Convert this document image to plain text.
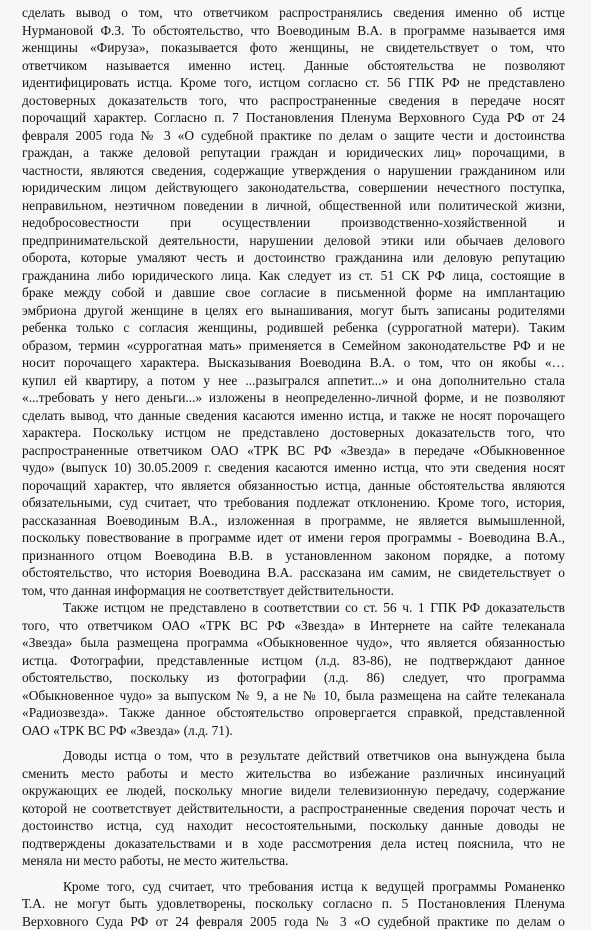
сделать вывод о том, что ответчиком распространялись сведения именно об истце
Нурмановой Ф.З. То обстоятельство, что Воеводиным В.А. в программе называется имя
женщины «Фируза», показывается фото женщины, не свидетельствует о том, что
ответчиком называется именно истец. Данные обстоятельства не позволяют
идентифицировать истца. Кроме того, истцом согласно ст. 56 ГПК РФ не представлено
достоверных доказательств того, что распространенные сведения в передаче носят
порочащий характер. Согласно п. 7 Постановления Пленума Верховного Суда РФ от 24
февраля 2005 года № 3 «О судебной практике по делам о защите чести и достоинства
граждан, а также деловой репутации граждан и юридических лиц» порочащими, в
частности, являются сведения, содержащие утверждения о нарушении гражданином или
юридическим лицом действующего законодательства, совершении нечестного поступка,
неправильном, неэтичном поведении в личной, общественной или политической жизни,
недобросовестности при осуществлении производственно-хозяйственной и
предпринимательской деятельности, нарушении деловой этики или обычаев делового
оборота, которые умаляют честь и достоинство гражданина или деловую репутацию
гражданина либо юридического лица. Как следует из ст. 51 СК РФ лица, состоящие в
браке между собой и давшие свое согласие в письменной форме на имплантацию
эмбриона другой женщине в целях его вынашивания, могут быть записаны родителями
ребенка только с согласия женщины, родившей ребенка (суррогатной матери). Таким
образом, термин «суррогатная мать» применяется в Семейном законодательстве РФ и не
носит порочащего характера. Высказывания Воеводина В.А. о том, что он якобы «…
купил ей квартиру, а потом у нее ...разыгрался аппетит...» и она дополнительно стала
«...требовать у него деньги...» изложены в неопределенно-личной форме, и не позволяют
сделать вывод, что данные сведения касаются именно истца, и также не носят порочащего
характера. Поскольку истцом не представлено достоверных доказательств того, что
распространенные ответчиком ОАО «ТРК ВС РФ «Звезда» в передаче «Обыкновенное
чудо» (выпуск 10) 30.05.2009 г. сведения касаются именно истца, что эти сведения носят
порочащий характер, что является обязанностью истца, данные обстоятельства являются
обязательными, суд считает, что требования подлежат отклонению. Кроме того, история,
рассказанная Воеводиным В.А., изложенная в программе, не является вымышленной,
поскольку повествование в программе идет от имени героя программы - Воеводина В.А.,
признанного отцом Воеводина В.В. в установленном законом порядке, а потому
обстоятельство, что история Воеводина В.А. рассказана им самим, не свидетельствует о
том, что данная информация не соответствует действительности.
Также истцом не представлено в соответствии со ст. 56 ч. 1 ГПК РФ доказательств
того, что ответчиком ОАО «ТРК ВС РФ «Звезда» в Интернете на сайте телеканала
«Звезда» была размещена программа «Обыкновенное чудо», что является обязанностью
истца. Фотографии, представленные истцом (л.д. 83-86), не подтверждают данное
обстоятельство, поскольку из фотографии (л.д. 86) следует, что программа
«Обыкновенное чудо» за выпуском № 9, а не № 10, была размещена на сайте телеканала
«Радиозвезда». Также данное обстоятельство опровергается справкой, представленной
ОАО «ТРК ВС РФ «Звезда» (л.д. 71).
Доводы истца о том, что в результате действий ответчиков она вынуждена была
сменить место работы и место жительства во избежание различных инсинуаций
окружающих ее людей, поскольку многие видели телевизионную передачу, содержание
которой не соответствует действительности, а распространенные сведения порочат честь и
достоинство истца, суд находит несостоятельными, поскольку данные доводы не
подтверждены доказательствами и в ходе рассмотрения дела истец пояснила, что не
меняла ни место работы, не место жительства.
Кроме того, суд считает, что требования истца к ведущей программы Романенко
Т.А. не могут быть удовлетворены, поскольку согласно п. 5 Постановления Пленума
Верховного Суда РФ от 24 февраля 2005 года № 3 «О судебной практике по делам о
